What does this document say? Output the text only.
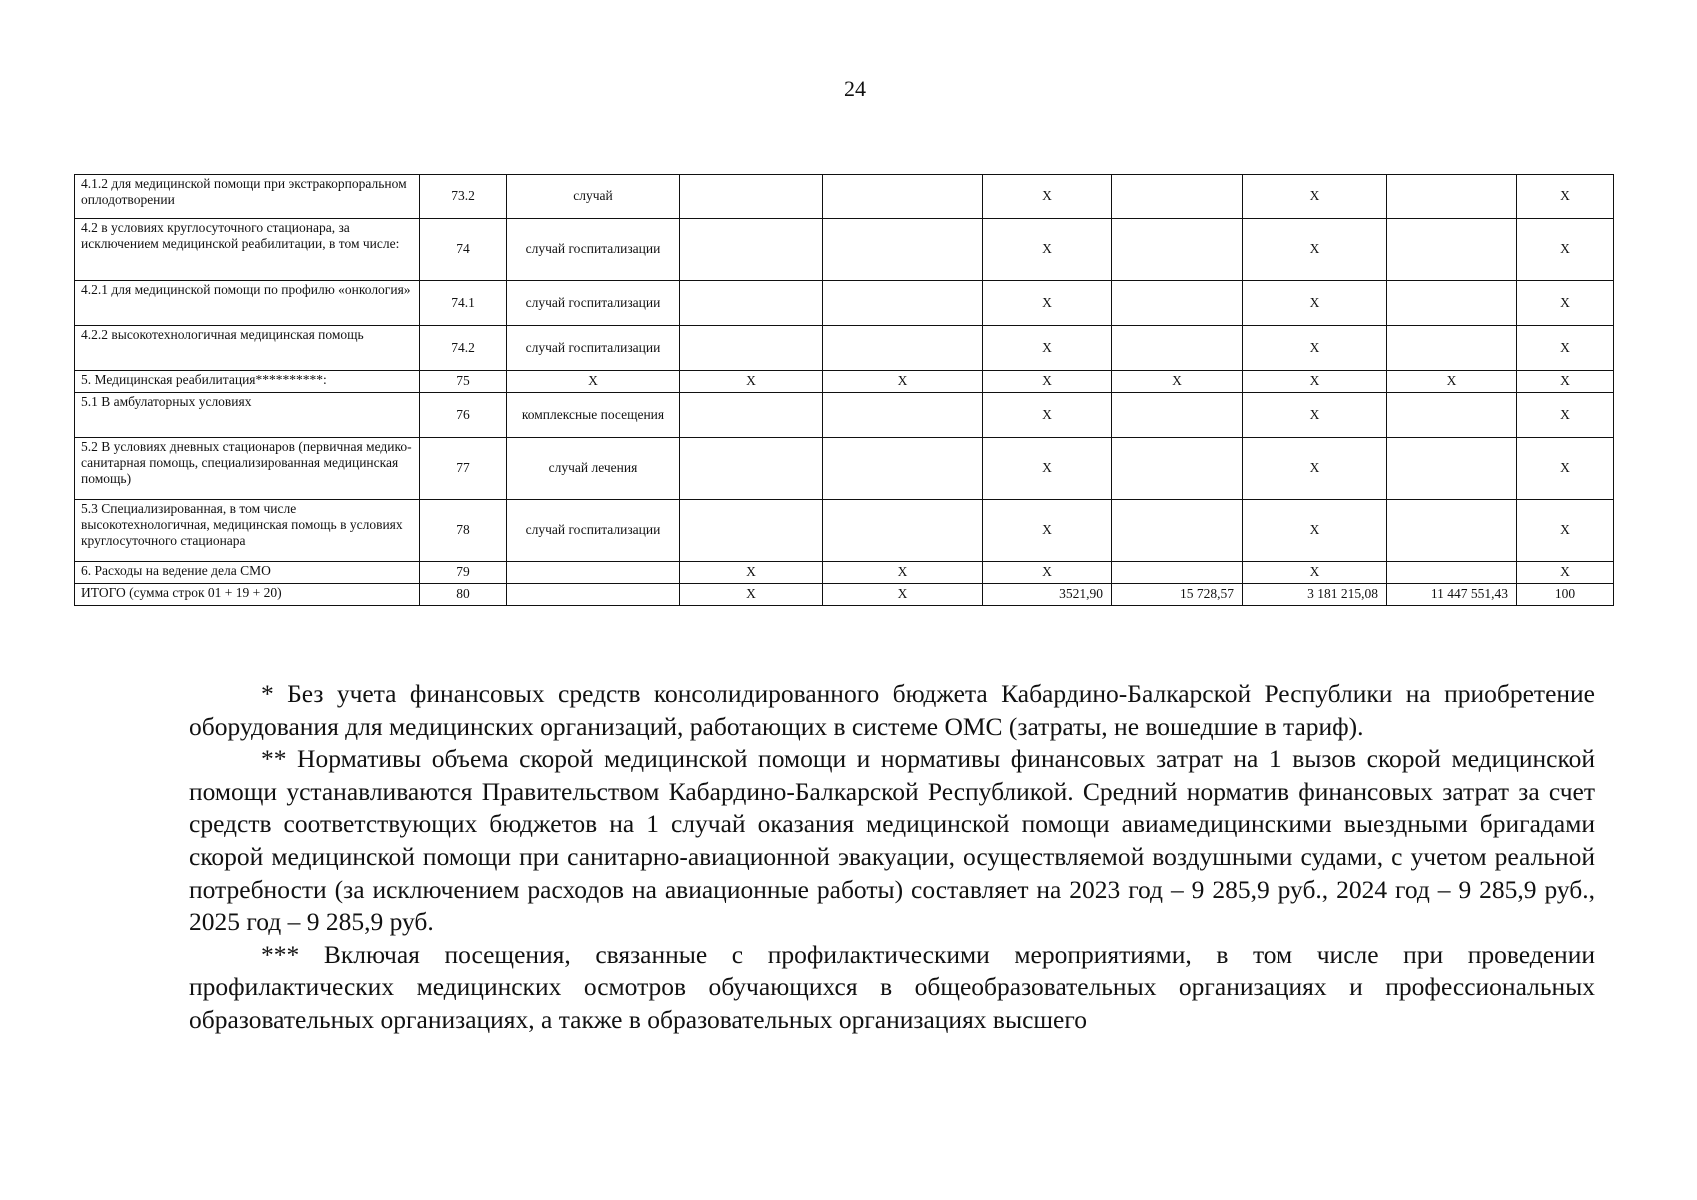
24
4.1.2 для медицинской помощи при экстракорпоральном оплодотворении	73.2	случай			X		X		X
4.2 в условиях круглосуточного стационара, за исключением медицинской реабилитации, в том числе:	74	случай госпитализации			X		X		X
4.2.1 для медицинской помощи по профилю «онкология»	74.1	случай госпитализации			X		X		X
4.2.2 высокотехнологичная медицинская помощь	74.2	случай госпитализации			X		X		X
5. Медицинская реабилитация**********:	75	X	X	X	X	X	X	X	X
5.1 В амбулаторных условиях	76	комплексные посещения			X		X		X
5.2 В условиях дневных стационаров (первичная медико-санитарная помощь, специализированная медицинская помощь)	77	случай лечения			X		X		X
5.3 Специализированная, в том числе высокотехнологичная, медицинская помощь в условиях круглосуточного стационара	78	случай госпитализации			X		X		X
6. Расходы на ведение дела СМО	79		X	X	X		X		X
ИТОГО (сумма строк 01 + 19 + 20)	80		X	X	3521,90	15 728,57	3 181 215,08	11 447 551,43	100

* Без учета финансовых средств консолидированного бюджета Кабардино-Балкарской Республики на приобретение оборудования для медицинских организаций, работающих в системе ОМС (затраты, не вошедшие в тариф).

** Нормативы объема скорой медицинской помощи и нормативы финансовых затрат на 1 вызов скорой медицинской помощи устанавливаются Правительством Кабардино-Балкарской Республикой. Средний норматив финансовых затрат за счет средств соответствующих бюджетов на 1 случай оказания медицинской помощи авиамедицинскими выездными бригадами скорой медицинской помощи при санитарно-авиационной эвакуации, осуществляемой воздушными судами, с учетом реальной потребности (за исключением расходов на авиационные работы) составляет на 2023 год – 9 285,9 руб., 2024 год – 9 285,9 руб., 2025 год – 9 285,9 руб.

*** Включая посещения, связанные с профилактическими мероприятиями, в том числе при проведении профилактических медицинских осмотров обучающихся в общеобразовательных организациях и профессиональных образовательных организациях, а также в образовательных организациях высшего
